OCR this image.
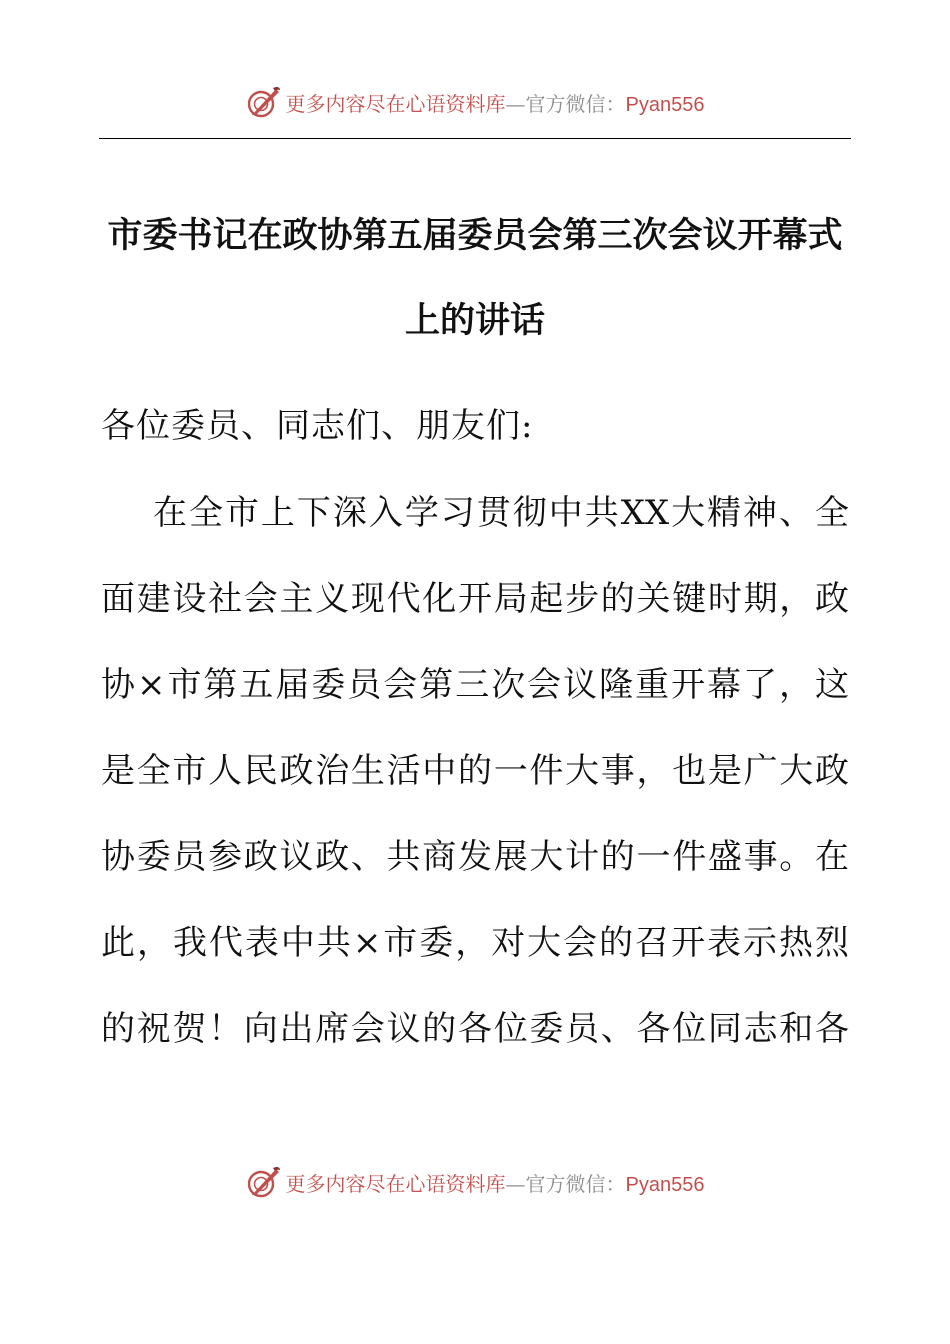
更多内容尽在心语资料库—官方微信：Pyan556
市委书记在政协第五届委员会第三次会议开幕式
上的讲话
各位委员、同志们、朋友们:
在全市上下深入学习贯彻中共XX大精神、全
面建设社会主义现代化开局起步的关键时期，政
协×市第五届委员会第三次会议隆重开幕了，这
是全市人民政治生活中的一件大事，也是广大政
协委员参政议政、共商发展大计的一件盛事。在
此，我代表中共×市委，对大会的召开表示热烈
的祝贺！向出席会议的各位委员、各位同志和各
更多内容尽在心语资料库—官方微信：Pyan556
